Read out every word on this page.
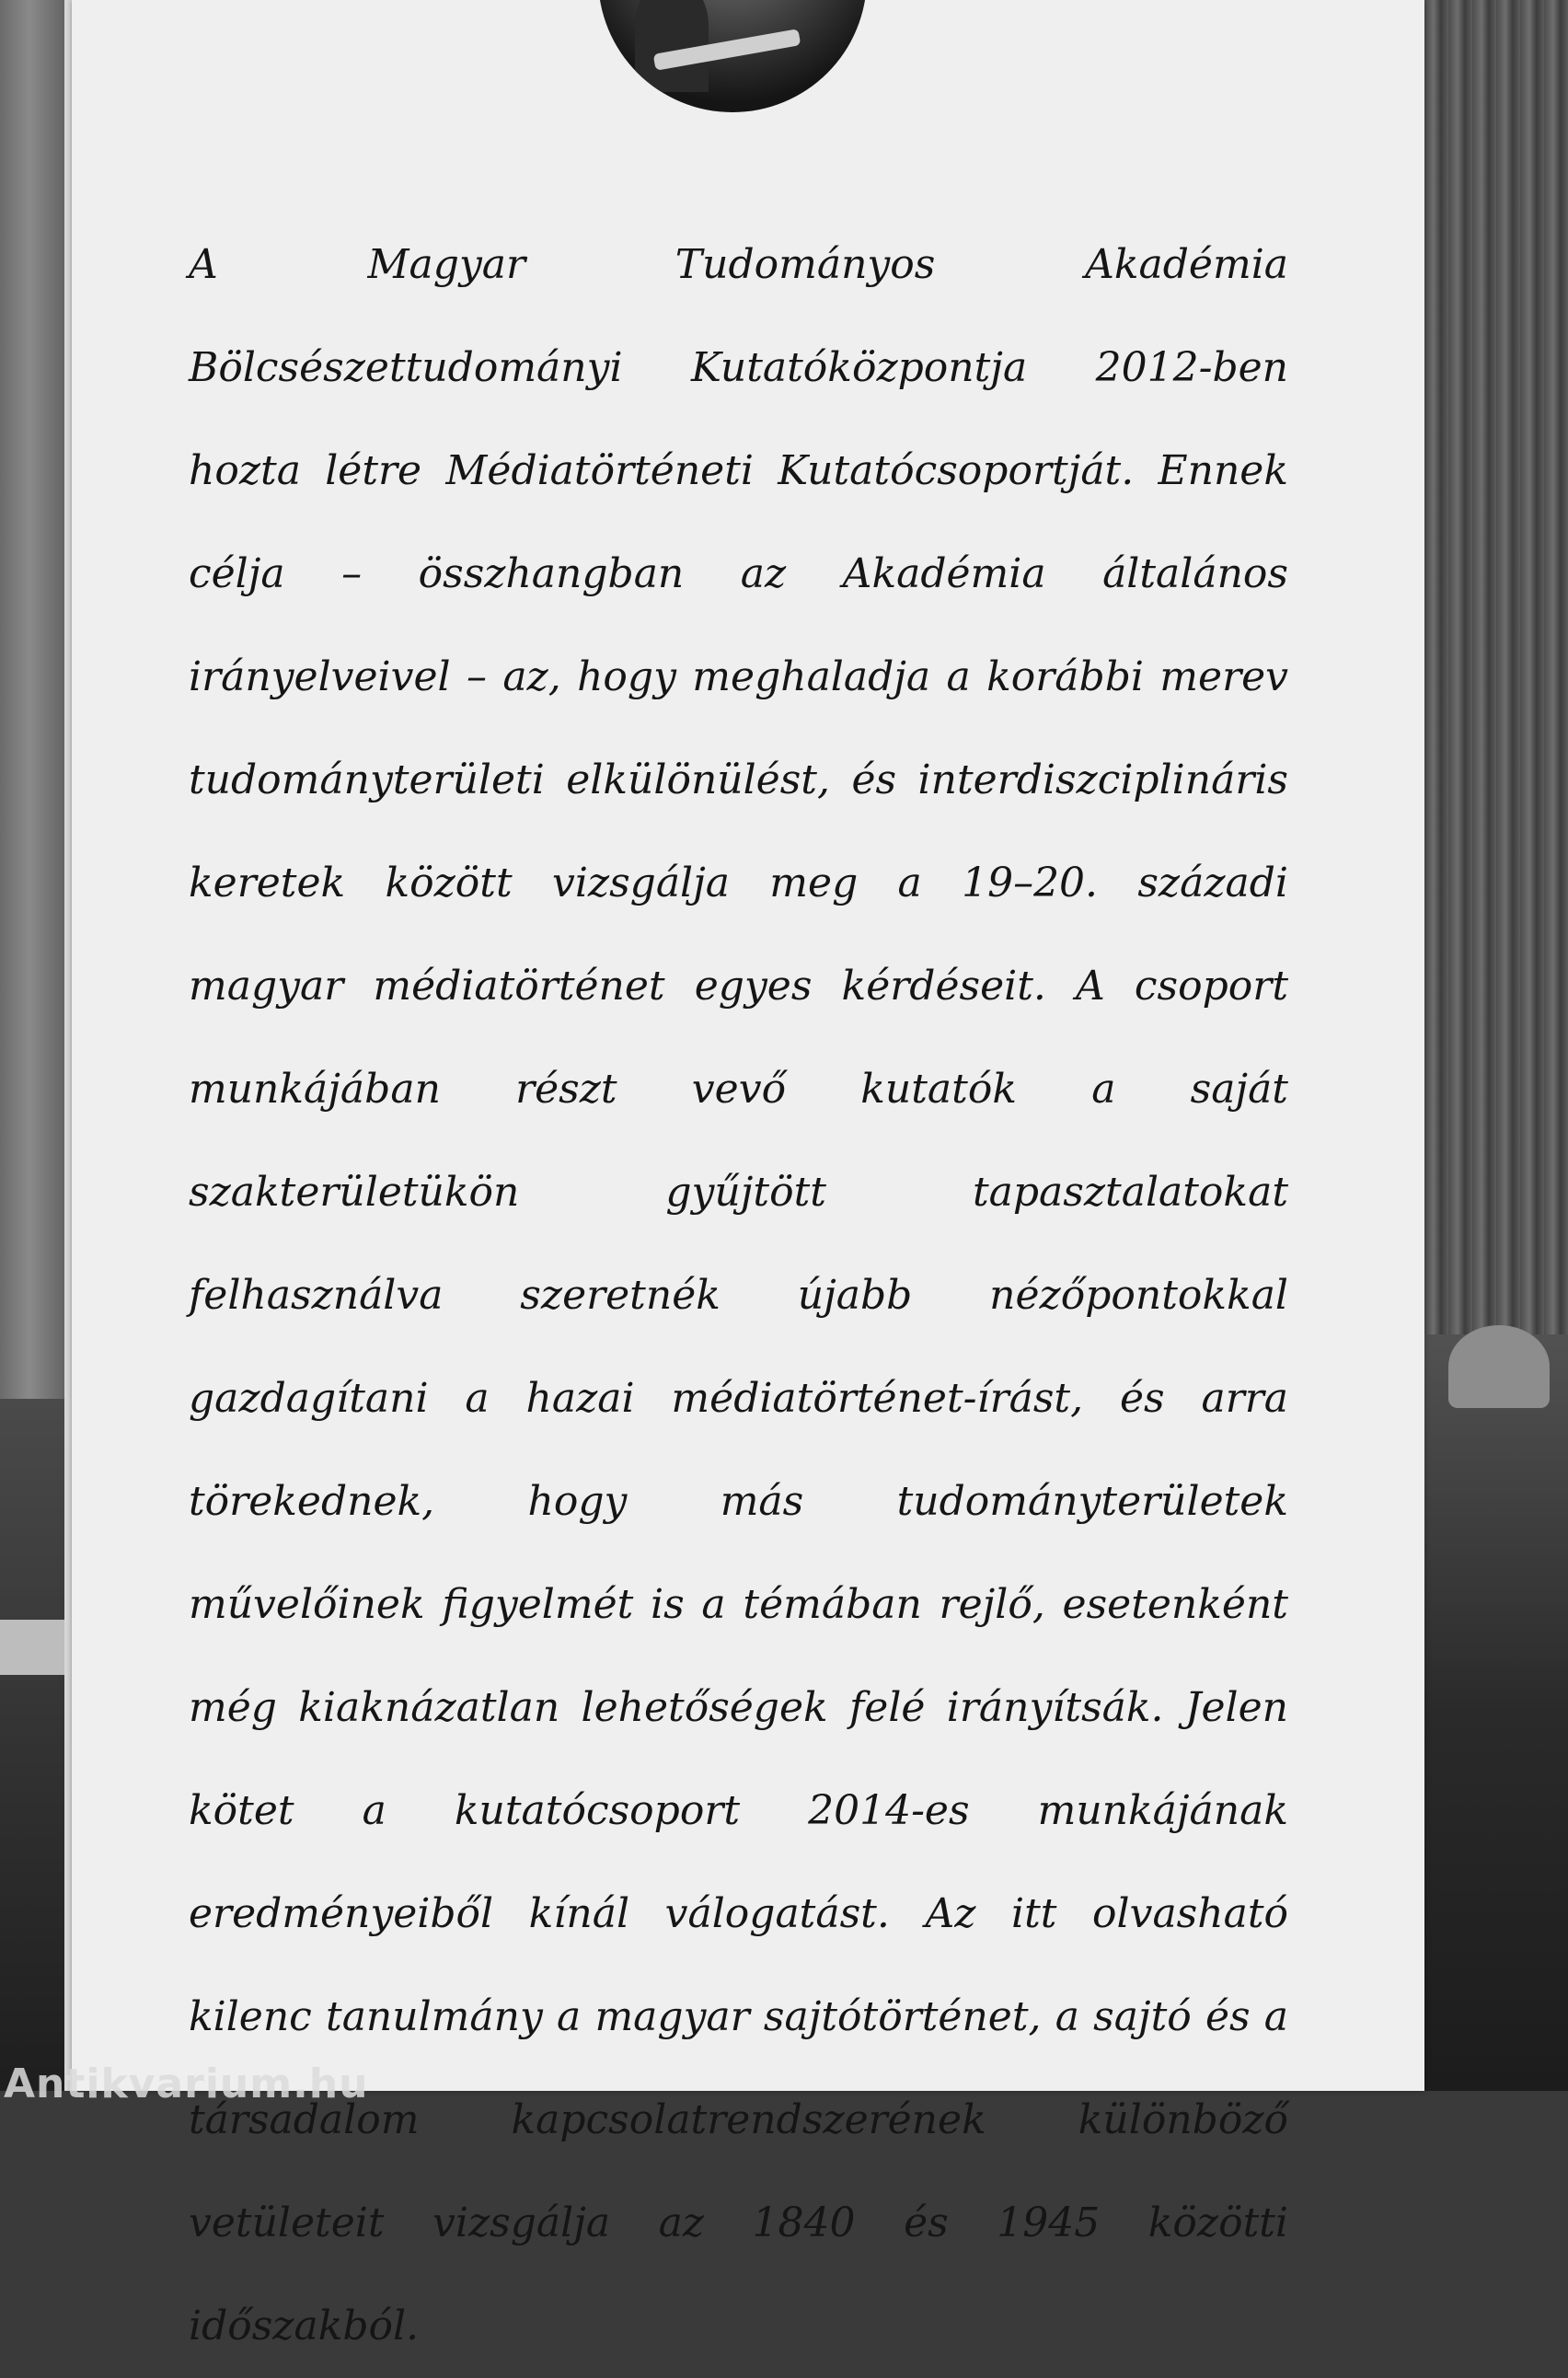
A Magyar Tudományos Akadémia Bölcsészettudományi Kutatóközpontja 2012-ben hozta létre Médiatörténeti Kutatócsoportját. Ennek célja – összhangban az Akadémia általános irányelveivel – az, hogy meghaladja a korábbi merev tudományterületi elkülönülést, és interdiszciplináris keretek között vizsgálja meg a 19–20. századi magyar médiatörténet egyes kérdéseit. A csoport munkájában részt vevő kutatók a saját szakterületükön gyűjtött tapasztalatokat felhasználva szeretnék újabb nézőpontokkal gazdagítani a hazai médiatörténet-írást, és arra törekednek, hogy más tudományterületek művelőinek figyelmét is a témában rejlő, esetenként még kiaknázatlan lehetőségek felé irányítsák. Jelen kötet a kutatócsoport 2014-es munkájának eredményeiből kínál válogatást. Az itt olvasható kilenc tanulmány a magyar sajtótörténet, a sajtó és a társadalom kapcsolatrendszerének különböző vetületeit vizsgálja az 1840 és 1945 közötti időszakból.

Antikvarium.hu
